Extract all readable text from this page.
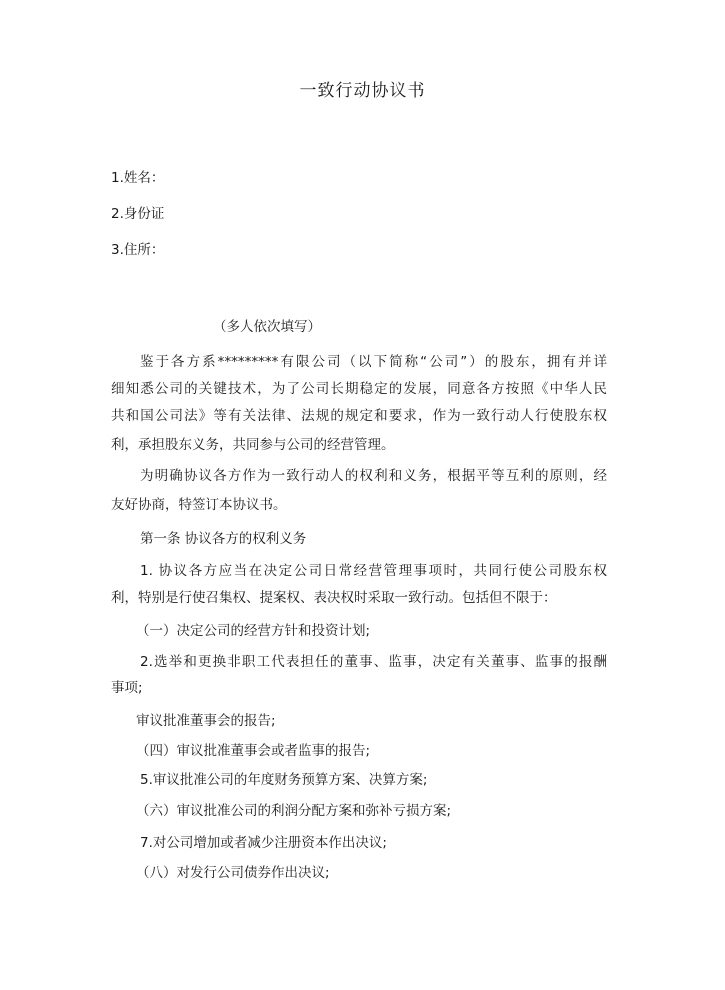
一致行动协议书

1.姓名：

2.身份证

3.住所：

（多人依次填写）

鉴于各方系*********有限公司（以下简称“公司”）的股东，拥有并详

细知悉公司的关键技术，为了公司长期稳定的发展，同意各方按照《中华人民

共和国公司法》等有关法律、法规的规定和要求，作为一致行动人行使股东权

利，承担股东义务，共同参与公司的经营管理。

为明确协议各方作为一致行动人的权利和义务，根据平等互利的原则，经

友好协商，特签订本协议书。

第一条 协议各方的权利义务

1. 协议各方应当在决定公司日常经营管理事项时，共同行使公司股东权

利，特别是行使召集权、提案权、表决权时采取一致行动。包括但不限于：

（一）决定公司的经营方针和投资计划;

2.选举和更换非职工代表担任的董事、监事，决定有关董事、监事的报酬

事项;

审议批准董事会的报告;

（四）审议批准董事会或者监事的报告;

5.审议批准公司的年度财务预算方案、决算方案;

（六）审议批准公司的利润分配方案和弥补亏损方案;

7.对公司增加或者减少注册资本作出决议;

（八）对发行公司债券作出决议;
